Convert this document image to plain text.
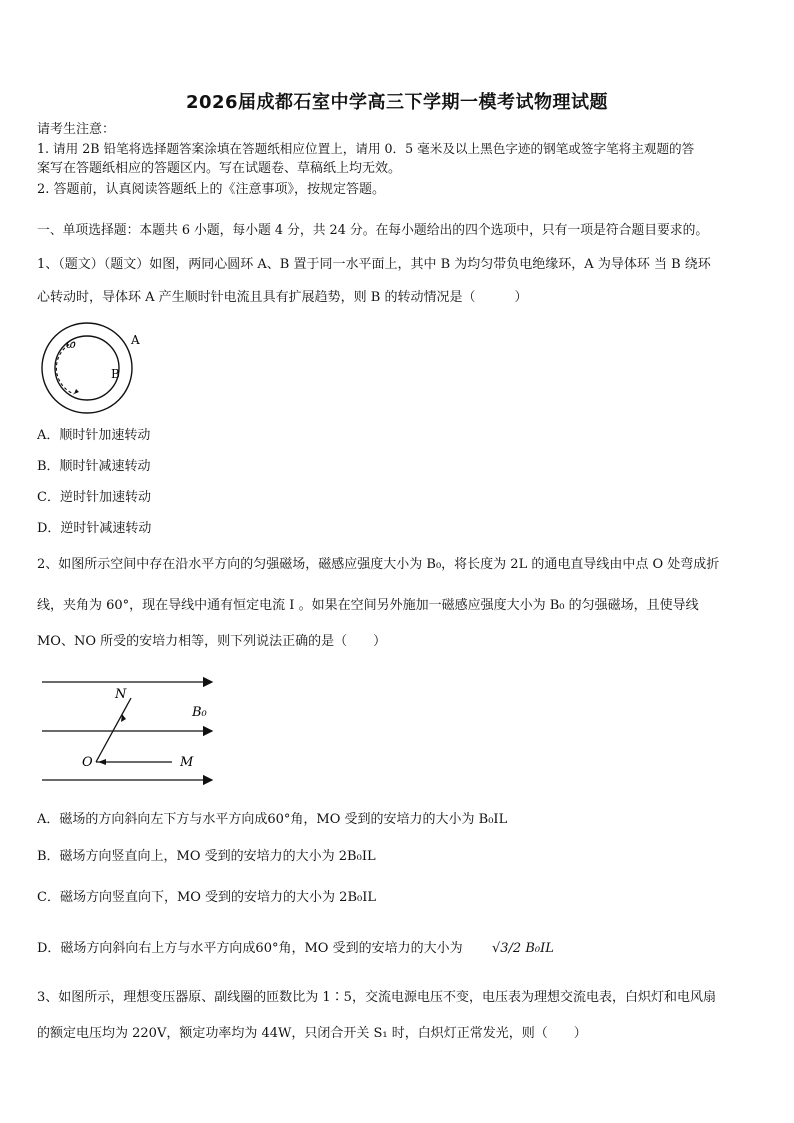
2026届成都石室中学高三下学期一模考试物理试题
请考生注意：
1. 请用 2B 铅笔将选择题答案涂填在答题纸相应位置上，请用 0．5 毫米及以上黑色字迹的钢笔或签字笔将主观题的答
案写在答题纸相应的答题区内。写在试题卷、草稿纸上均无效。
2. 答题前，认真阅读答题纸上的《注意事项》，按规定答题。
一、单项选择题：本题共 6 小题，每小题 4 分，共 24 分。在每小题给出的四个选项中，只有一项是符合题目要求的。
1、（题文）（题文）如图，两同心圆环 A、B 置于同一水平面上，其中 B 为均匀带负电绝缘环，A 为导体环 当 B 绕环
心转动时，导体环 A 产生顺时针电流且具有扩展趋势，则 B 的转动情况是（　　　）
ω	A
B
A．顺时针加速转动
B．顺时针减速转动
C．逆时针加速转动
D．逆时针减速转动
2、如图所示空间中存在沿水平方向的匀强磁场，磁感应强度大小为 B₀，将长度为 2L 的通电直导线由中点 O 处弯成折
线，夹角为 60°，现在导线中通有恒定电流 I 。如果在空间另外施加一磁感应强度大小为 B₀ 的匀强磁场，且使导线
MO、NO 所受的安培力相等，则下列说法正确的是（　　）
N
B₀
O	M
A．磁场的方向斜向左下方与水平方向成60°角，MO 受到的安培力的大小为 B₀IL
B．磁场方向竖直向上，MO 受到的安培力的大小为 2B₀IL
C．磁场方向竖直向下，MO 受到的安培力的大小为 2B₀IL
D．磁场方向斜向右上方与水平方向成60°角，MO 受到的安培力的大小为 √3/2 B₀IL
3、如图所示，理想变压器原、副线圈的匝数比为 1∶5，交流电源电压不变，电压表为理想交流电表，白炽灯和电风扇
的额定电压均为 220V，额定功率均为 44W，只闭合开关 S₁ 时，白炽灯正常发光，则（　　）
